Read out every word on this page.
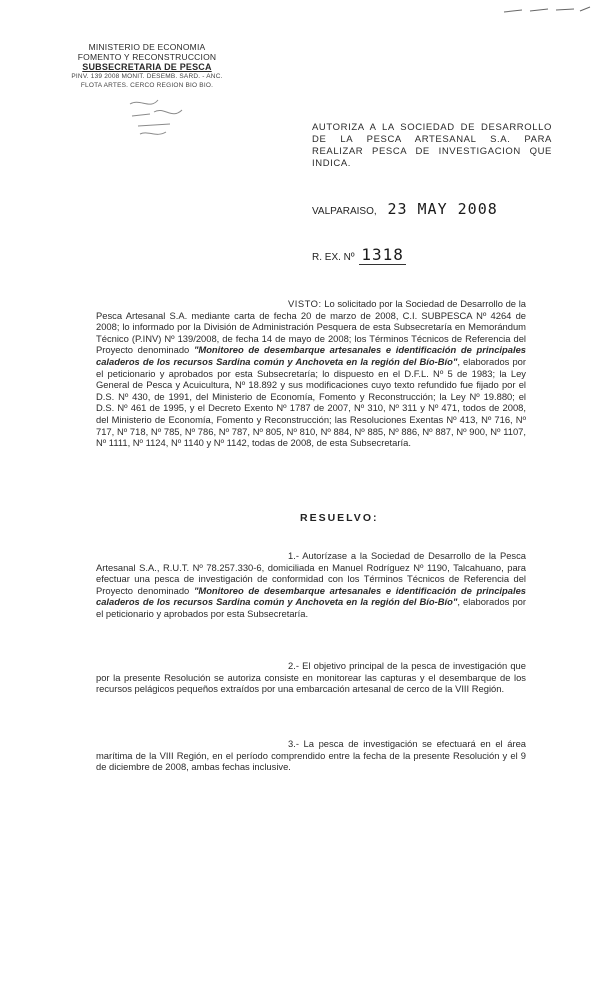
MINISTERIO DE ECONOMIA
FOMENTO Y RECONSTRUCCION
SUBSECRETARIA DE PESCA
PINV. 139 2008 MONIT. DESEMB. SARD. - ANC.
FLOTA ARTES. CERCO REGION BIO BIO.
AUTORIZA A LA SOCIEDAD DE DESARROLLO DE LA PESCA ARTESANAL S.A. PARA REALIZAR PESCA DE INVESTIGACION QUE INDICA.
VALPARAISO, 23 MAY 2008
R. EX. Nº 1318
VISTO: Lo solicitado por la Sociedad de Desarrollo de la Pesca Artesanal S.A. mediante carta de fecha 20 de marzo de 2008, C.I. SUBPESCA Nº 4264 de 2008; lo informado por la División de Administración Pesquera de esta Subsecretaría en Memorándum Técnico (P.INV) Nº 139/2008, de fecha 14 de mayo de 2008; los Términos Técnicos de Referencia del Proyecto denominado "Monitoreo de desembarque artesanales e identificación de principales caladeros de los recursos Sardina común y Anchoveta en la región del Bío-Bío", elaborados por el peticionario y aprobados por esta Subsecretaría; lo dispuesto en el D.F.L. Nº 5 de 1983; la Ley General de Pesca y Acuicultura, Nº 18.892 y sus modificaciones cuyo texto refundido fue fijado por el D.S. Nº 430, de 1991, del Ministerio de Economía, Fomento y Reconstrucción; la Ley Nº 19.880; el D.S. Nº 461 de 1995, y el Decreto Exento Nº 1787 de 2007, Nº 310, Nº 311 y Nº 471, todos de 2008, del Ministerio de Economía, Fomento y Reconstrucción; las Resoluciones Exentas Nº 413, Nº 716, Nº 717, Nº 718, Nº 785, Nº 786, Nº 787, Nº 805, Nº 810, Nº 884, Nº 885, Nº 886, Nº 887, Nº 900, Nº 1107, Nº 1111, Nº 1124, Nº 1140 y Nº 1142, todas de 2008, de esta Subsecretaría.
RESUELVO:
1.- Autorízase a la Sociedad de Desarrollo de la Pesca Artesanal S.A., R.U.T. Nº 78.257.330-6, domiciliada en Manuel Rodríguez Nº 1190, Talcahuano, para efectuar una pesca de investigación de conformidad con los Términos Técnicos de Referencia del Proyecto denominado "Monitoreo de desembarque artesanales e identificación de principales caladeros de los recursos Sardina común y Anchoveta en la región del Bío-Bío", elaborados por el peticionario y aprobados por esta Subsecretaría.
2.- El objetivo principal de la pesca de investigación que por la presente Resolución se autoriza consiste en monitorear las capturas y el desembarque de los recursos pelágicos pequeños extraídos por una embarcación artesanal de cerco de la VIII Región.
3.- La pesca de investigación se efectuará en el área marítima de la VIII Región, en el período comprendido entre la fecha de la presente Resolución y el 9 de diciembre de 2008, ambas fechas inclusive.
